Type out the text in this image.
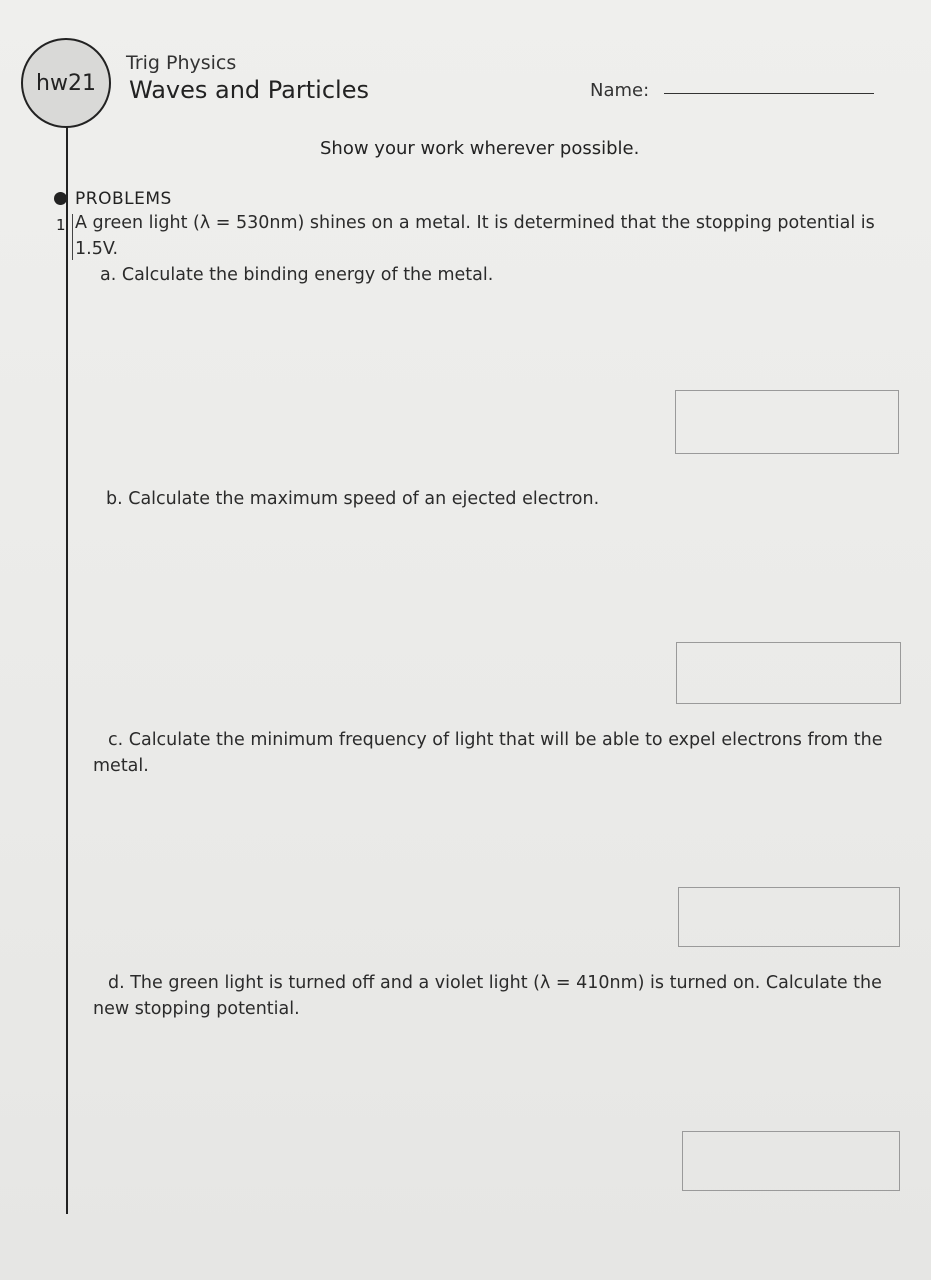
hw21
Trig Physics
Waves and Particles	Name:
Show your work wherever possible.
PROBLEMS
1 A green light (λ = 530nm) shines on a metal. It is determined that the stopping potential is 1.5V.
a. Calculate the binding energy of the metal.
b. Calculate the maximum speed of an ejected electron.
c. Calculate the minimum frequency of light that will be able to expel electrons from the metal.
d. The green light is turned off and a violet light (λ = 410nm) is turned on. Calculate the new stopping potential.
